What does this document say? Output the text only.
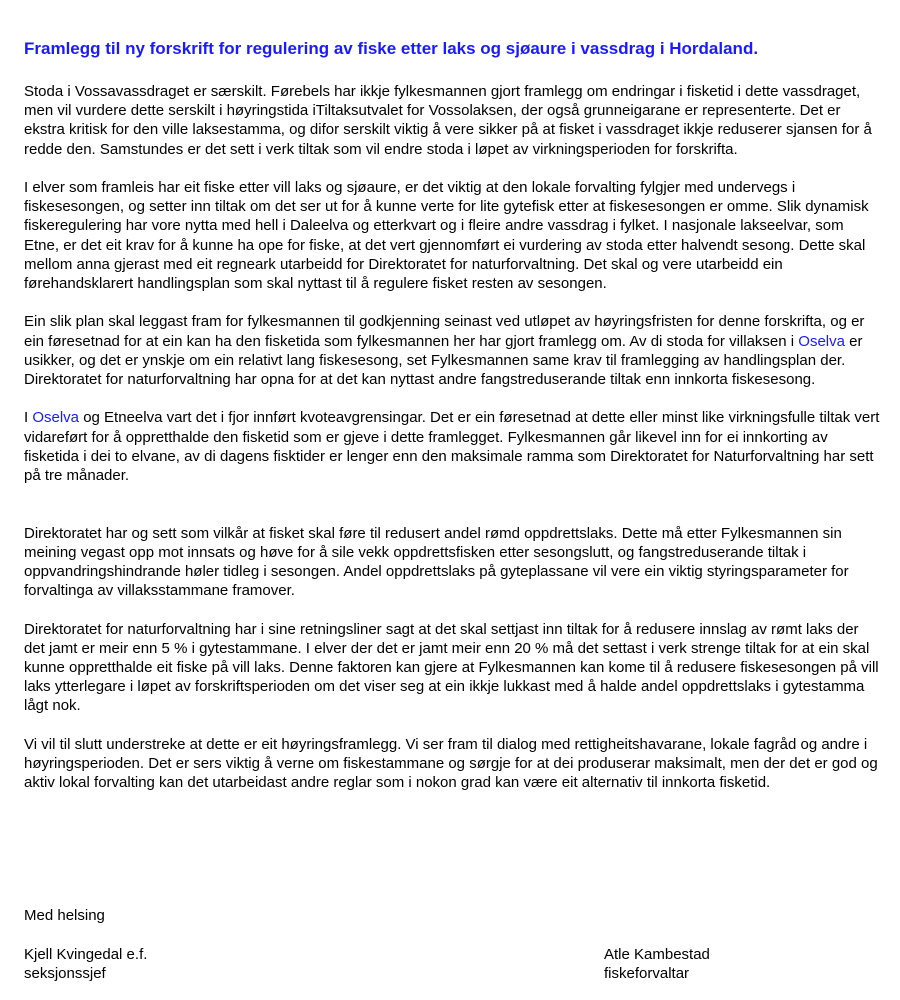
Framlegg til ny forskrift for regulering av fiske etter laks og sjøaure i vassdrag i Hordaland.

Stoda i Vossavassdraget er særskilt. Førebels har ikkje fylkesmannen gjort framlegg om endringar i fisketid i dette vassdraget, men vil vurdere dette serskilt i høyringstida iTiltaksutvalet for Vossolaksen, der også grunneigarane er representerte. Det er ekstra kritisk for den ville laksestamma, og difor serskilt viktig å vere sikker på at fisket i vassdraget ikkje reduserer sjansen for å redde den. Samstundes er det sett i verk tiltak som vil endre stoda i løpet av virkningsperioden for forskrifta.

I elver som framleis har eit fiske etter vill laks og sjøaure, er det viktig at den lokale forvalting fylgjer med undervegs i fiskesesongen, og setter inn tiltak om det ser ut for å kunne verte for lite gytefisk etter at fiskesesongen er omme. Slik dynamisk fiskeregulering har vore nytta med hell i Daleelva og etterkvart og i fleire andre vassdrag i fylket. I nasjonale lakseelvar, som Etne, er det eit krav for å kunne ha ope for fiske, at det vert gjennomført ei vurdering av stoda etter halvendt sesong. Dette skal mellom anna gjerast med eit regneark utarbeidd for Direktoratet for naturforvaltning. Det skal og vere utarbeidd ein førehandsklarert handlingsplan som skal nyttast til å regulere fisket resten av sesongen.

Ein slik plan skal leggast fram for fylkesmannen til godkjenning seinast ved utløpet av høyringsfristen for denne forskrifta, og er ein føresetnad for at ein kan ha den fisketida som fylkesmannen her har gjort framlegg om. Av di stoda for villaksen i Oselva er usikker, og det er ynskje om ein relativt lang fiskesesong, set Fylkesmannen same krav til framlegging av handlingsplan der. Direktoratet for naturforvaltning har opna for at det kan nyttast andre fangstreduserande tiltak enn innkorta fiskesesong.

I Oselva og Etneelva vart det i fjor innført kvoteavgrensingar. Det er ein føresetnad at dette eller minst like virkningsfulle tiltak vert vidareført for å oppretthalde den fisketid som er gjeve i dette framlegget. Fylkesmannen går likevel inn for ei innkorting av fisketida i dei to elvane, av di dagens fisktider er lenger enn den maksimale ramma som Direktoratet for Naturforvaltning har sett på tre månader.

Direktoratet har og sett som vilkår at fisket skal føre til redusert andel rømd oppdrettslaks. Dette må etter Fylkesmannen sin meining vegast opp mot innsats og høve for å sile vekk oppdrettsfisken etter sesongslutt, og fangstreduserande tiltak i oppvandringshindrande høler tidleg i sesongen. Andel oppdrettslaks på gyteplassane vil vere ein viktig styringsparameter for forvaltinga av villaksstammane framover.

Direktoratet for naturforvaltning har i sine retningsliner sagt at det skal settjast inn tiltak for å redusere innslag av rømt laks der det jamt er meir enn 5 % i gytestammane. I elver der det er jamt meir enn 20 % må det settast i verk strenge tiltak for at ein skal kunne oppretthalde eit fiske på vill laks. Denne faktoren kan gjere at Fylkesmannen kan kome til å redusere fiskesesongen på vill laks ytterlegare i løpet av forskriftsperioden om det viser seg at ein ikkje lukkast med å halde andel oppdrettslaks i gytestamma lågt nok.

Vi vil til slutt understreke at dette er eit høyringsframlegg. Vi ser fram til dialog med rettigheitshavarane, lokale fagråd og andre i høyringsperioden. Det er sers viktig å verne om fiskestammane og sørgje for at dei produserar maksimalt, men der det er god og aktiv lokal forvalting kan det utarbeidast andre reglar som i nokon grad kan være eit alternativ til innkorta fisketid.

Med helsing
Kjell Kvingedal e.f.
seksjonssjef
Atle Kambestad
fiskeforvaltar
